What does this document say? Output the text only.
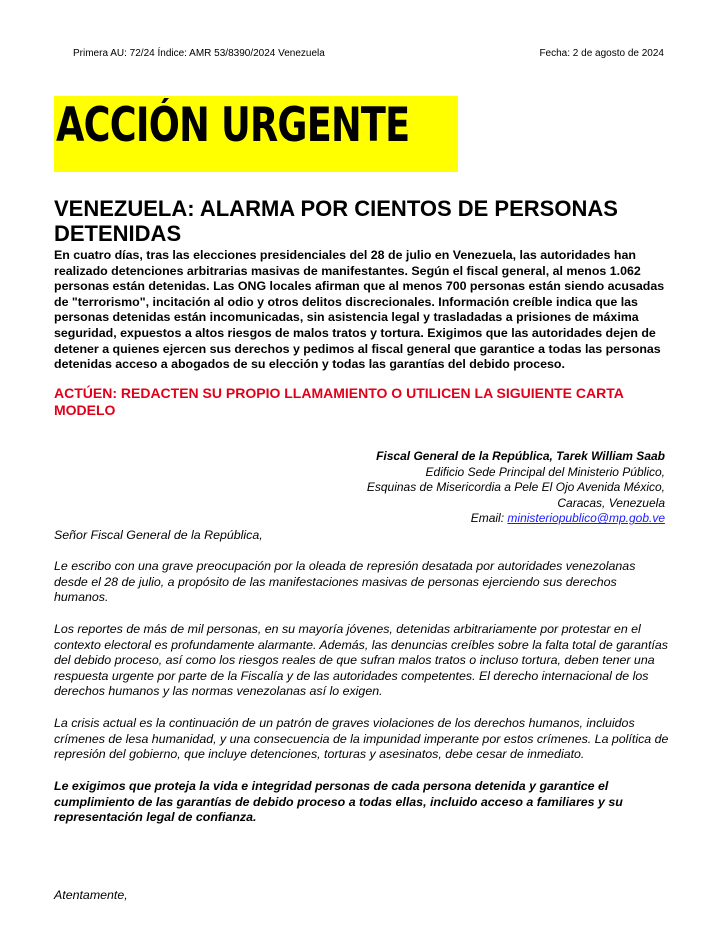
Primera AU: 72/24 Índice: AMR 53/8390/2024 Venezuela	Fecha: 2 de agosto de 2024
ACCIÓN URGENTE
VENEZUELA: ALARMA POR CIENTOS DE PERSONAS DETENIDAS
En cuatro días, tras las elecciones presidenciales del 28 de julio en Venezuela, las autoridades han realizado detenciones arbitrarias masivas de manifestantes. Según el fiscal general, al menos 1.062 personas están detenidas. Las ONG locales afirman que al menos 700 personas están siendo acusadas de "terrorismo", incitación al odio y otros delitos discrecionales. Información creíble indica que las personas detenidas están incomunicadas, sin asistencia legal y trasladadas a prisiones de máxima seguridad, expuestos a altos riesgos de malos tratos y tortura. Exigimos que las autoridades dejen de detener a quienes ejercen sus derechos y pedimos al fiscal general que garantice a todas las personas detenidas acceso a abogados de su elección y todas las garantías del debido proceso.
ACTÚEN: REDACTEN SU PROPIO LLAMAMIENTO O UTILICEN LA SIGUIENTE CARTA MODELO
Fiscal General de la República, Tarek William Saab
Edificio Sede Principal del Ministerio Público,
Esquinas de Misericordia a Pele El Ojo Avenida México,
Caracas, Venezuela
Email: ministeriopublico@mp.gob.ve
Señor Fiscal General de la República,
Le escribo con una grave preocupación por la oleada de represión desatada por autoridades venezolanas desde el 28 de julio, a propósito de las manifestaciones masivas de personas ejerciendo sus derechos humanos.
Los reportes de más de mil personas, en su mayoría jóvenes, detenidas arbitrariamente por protestar en el contexto electoral es profundamente alarmante. Además, las denuncias creíbles sobre la falta total de garantías del debido proceso, así como los riesgos reales de que sufran malos tratos o incluso tortura, deben tener una respuesta urgente por parte de la Fiscalía y de las autoridades competentes. El derecho internacional de los derechos humanos y las normas venezolanas así lo exigen.
La crisis actual es la continuación de un patrón de graves violaciones de los derechos humanos, incluidos crímenes de lesa humanidad, y una consecuencia de la impunidad imperante por estos crímenes. La política de represión del gobierno, que incluye detenciones, torturas y asesinatos, debe cesar de inmediato.
Le exigimos que proteja la vida e integridad personas de cada persona detenida y garantice el cumplimiento de las garantías de debido proceso a todas ellas, incluido acceso a familiares y su representación legal de confianza.
Atentamente,
